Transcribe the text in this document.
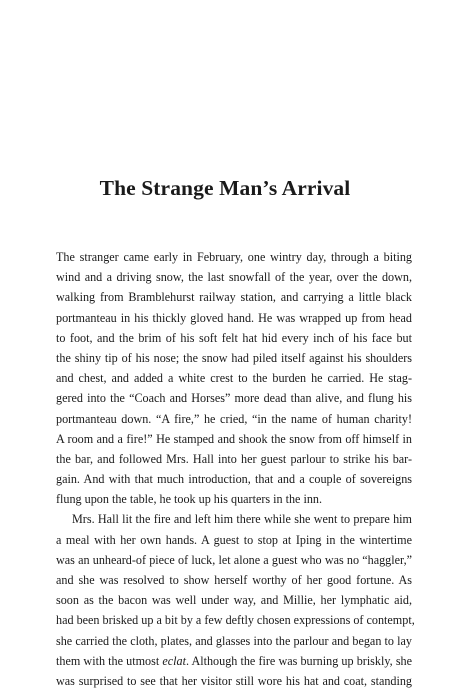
The Strange Man’s Arrival
The stranger came early in February, one wintry day, through a biting
wind and a driving snow, the last snowfall of the year, over the down,
walking from Bramblehurst railway station, and carrying a little black
portmanteau in his thickly gloved hand. He was wrapped up from head
to foot, and the brim of his soft felt hat hid every inch of his face but
the shiny tip of his nose; the snow had piled itself against his shoulders
and chest, and added a white crest to the burden he carried. He stag-
gered into the “Coach and Horses” more dead than alive, and flung his
portmanteau down. “A fire,” he cried, “in the name of human charity!
A room and a fire!” He stamped and shook the snow from off himself in
the bar, and followed Mrs. Hall into her guest parlour to strike his bar-
gain. And with that much introduction, that and a couple of sovereigns
flung upon the table, he took up his quarters in the inn.
Mrs. Hall lit the fire and left him there while she went to prepare him
a meal with her own hands. A guest to stop at Iping in the wintertime
was an unheard-of piece of luck, let alone a guest who was no “haggler,”
and she was resolved to show herself worthy of her good fortune. As
soon as the bacon was well under way, and Millie, her lymphatic aid,
had been brisked up a bit by a few deftly chosen expressions of contempt,
she carried the cloth, plates, and glasses into the parlour and began to lay
them with the utmost eclat. Although the fire was burning up briskly, she
was surprised to see that her visitor still wore his hat and coat, standing
